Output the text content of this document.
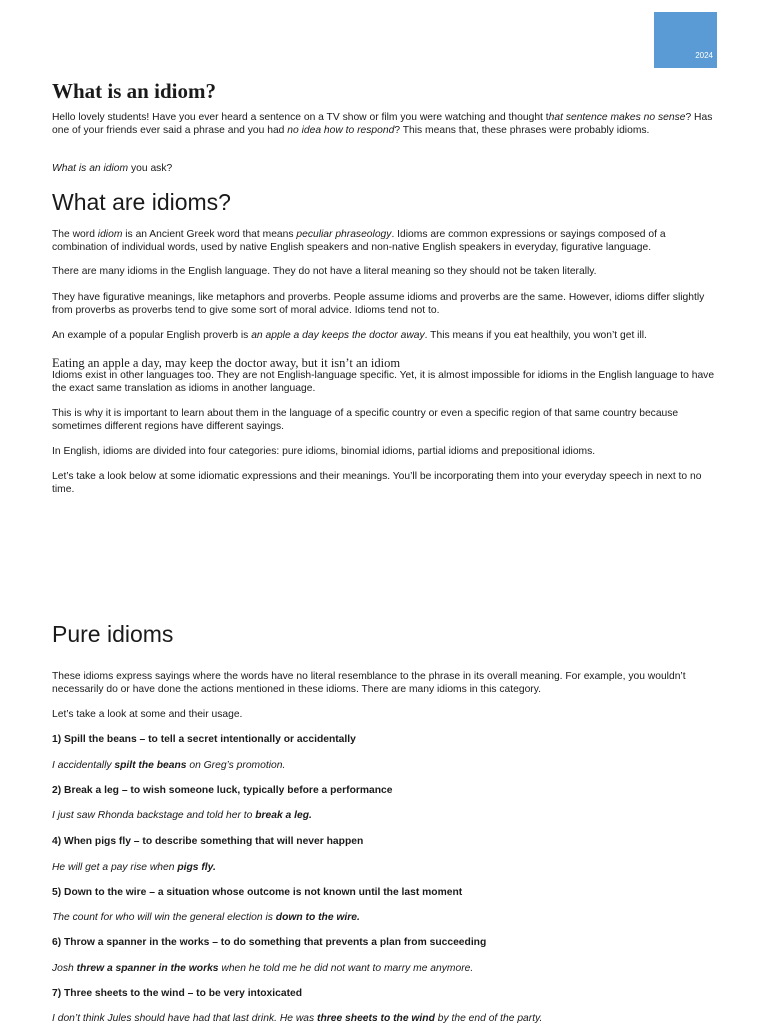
2024
What is an idiom?

Hello lovely students! Have you ever heard a sentence on a TV show or film you were watching and thought that sentence makes no sense? Has one of your friends ever said a phrase and you had no idea how to respond? This means that, these phrases were probably idioms.

What is an idiom you ask?

What are idioms?

The word idiom is an Ancient Greek word that means peculiar phraseology. Idioms are common expressions or sayings composed of a combination of individual words, used by native English speakers and non-native English speakers in everyday, figurative language.

There are many idioms in the English language. They do not have a literal meaning so they should not be taken literally.

They have figurative meanings, like metaphors and proverbs. People assume idioms and proverbs are the same. However, idioms differ slightly from proverbs as proverbs tend to give some sort of moral advice. Idioms tend not to.

An example of a popular English proverb is an apple a day keeps the doctor away. This means if you eat healthily, you won’t get ill.

Eating an apple a day, may keep the doctor away, but it isn’t an idiom

Idioms exist in other languages too. They are not English-language specific. Yet, it is almost impossible for idioms in the English language to have the exact same translation as idioms in another language.

This is why it is important to learn about them in the language of a specific country or even a specific region of that same country because sometimes different regions have different sayings.

In English, idioms are divided into four categories: pure idioms, binomial idioms, partial idioms and prepositional idioms.

Let’s take a look below at some idiomatic expressions and their meanings. You’ll be incorporating them into your everyday speech in next to no time.

Pure idioms

These idioms express sayings where the words have no literal resemblance to the phrase in its overall meaning. For example, you wouldn’t necessarily do or have done the actions mentioned in these idioms. There are many idioms in this category.

Let’s take a look at some and their usage.

1) Spill the beans – to tell a secret intentionally or accidentally

I accidentally spilt the beans on Greg’s promotion.

2) Break a leg – to wish someone luck, typically before a performance

I just saw Rhonda backstage and told her to break a leg.

4) When pigs fly – to describe something that will never happen

He will get a pay rise when pigs fly.

5) Down to the wire – a situation whose outcome is not known until the last moment

The count for who will win the general election is down to the wire.

6) Throw a spanner in the works – to do something that prevents a plan from succeeding

Josh threw a spanner in the works when he told me he did not want to marry me anymore.

7) Three sheets to the wind – to be very intoxicated

I don’t think Jules should have had that last drink. He was three sheets to the wind by the end of the party.
